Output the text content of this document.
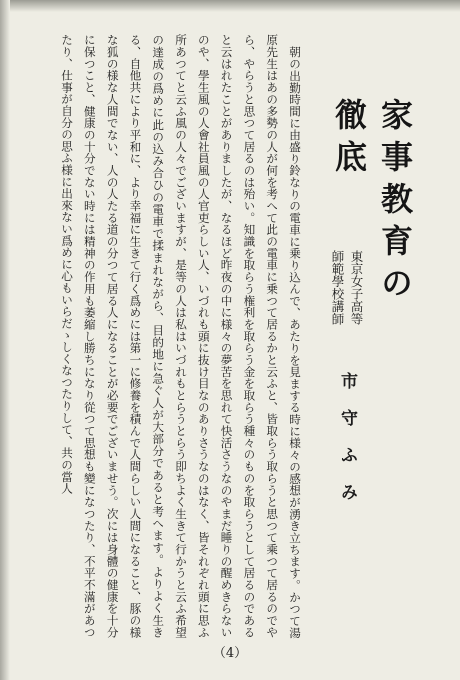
家事教育の徹底
東京女子高等
師範學校講師
市守ふみ

朝の出勤時間に由盛り鈴なりの電車に乗り込んで、あたりを見まする時に様々の感想が湧き立ちます。かつて湯原先生はあの多勢の人が何を考へて此の電車に乗つて居るかと云ふと、皆取らう取らうと思つて乘つて居るのでやら、やらうと思つて居るのは殆い。知識を取らう権利を取らう金を取らう種々のものを取らうとして居るのであると云はれたことがありましたが、なるほど昨夜の中に様々の夢苦を思れて快活さうなのやまだ睡りの醒めきらないのや、學生風の人會社員風の人官吏らしい人、いづれも頭に抜け目なのありさうなのはなく、皆それぞれ頭に思ふ所あつてと云ふ風の人々でございますが、是等の人は私はいづれもとらうとらう即ちよく生きて行かうと云ふ希望の達成の爲めに此の込み合ひの電車で揉まれながら、目的地に急ぐ人が大部分であると考へます。よりよく生きる、自他共により平和に、より幸福に生きて行く爲めには第一に修養を積んで人間らしい人間になること、豚の様な狐の様な人間でない、人の人たる道の分つて居る人になることが必要でございませう。次には身體の健康を十分に保つこと、健康の十分でない時には精神の作用も萎縮し勝ちになり從つて思想も變になつたり、不平不滿があつたり、仕事が自分の思ふ様に出來ない爲めに心もいらだゝしくなつたりして、共の當人

（4）
